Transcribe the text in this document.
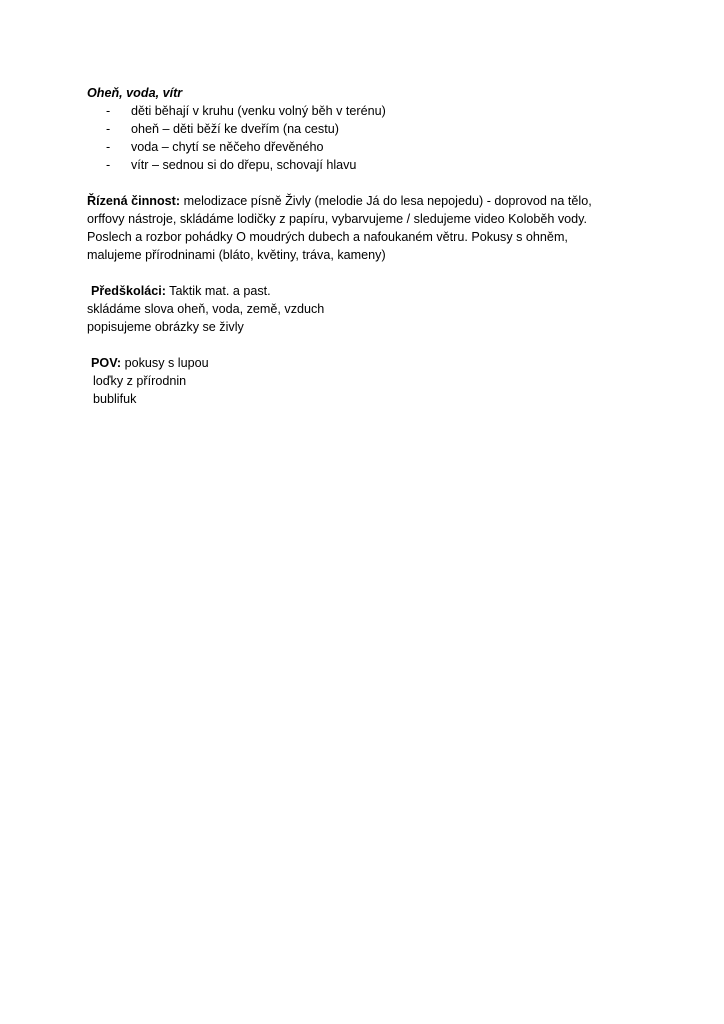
Oheň, voda, vítr

- děti běhají v kruhu (venku volný běh v terénu)
- oheň – děti běží ke dveřím (na cestu)
- voda – chytí se něčeho dřevěného
- vítr – sednou si do dřepu, schovají hlavu
Řízená činnost: melodizace písně Živly (melodie Já do lesa nepojedu) - doprovod na tělo,
orffovy nástroje, skládáme lodičky z papíru, vybarvujeme / sledujeme video Koloběh vody.
Poslech a rozbor pohádky O moudrých dubech a nafoukaném větru. Pokusy s ohněm,
malujeme přírodninami (bláto, květiny, tráva, kameny)
Předškoláci: Taktik mat. a past.
skládáme slova oheň, voda, země, vzduch
popisujeme obrázky se živly
POV: pokusy s lupou
loďky z přírodnin
bublifuk
